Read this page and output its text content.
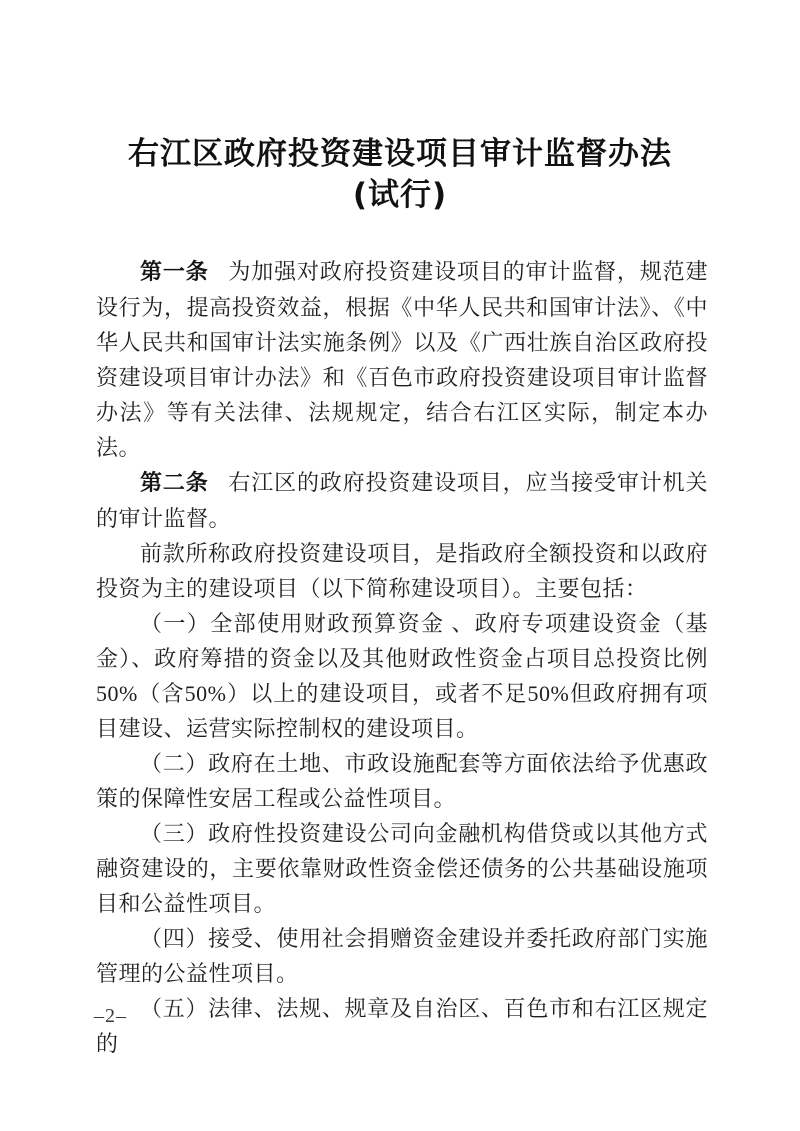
右江区政府投资建设项目审计监督办法
(试行)

第一条 为加强对政府投资建设项目的审计监督，规范建设行为，提高投资效益，根据《中华人民共和国审计法》、《中华人民共和国审计法实施条例》以及《广西壮族自治区政府投资建设项目审计办法》和《百色市政府投资建设项目审计监督办法》等有关法律、法规规定，结合右江区实际，制定本办法。

第二条 右江区的政府投资建设项目，应当接受审计机关的审计监督。

前款所称政府投资建设项目，是指政府全额投资和以政府投资为主的建设项目（以下简称建设项目）。主要包括：

（一）全部使用财政预算资金 、政府专项建设资金（基金）、政府筹措的资金以及其他财政性资金占项目总投资比例50%（含50%）以上的建设项目，或者不足50%但政府拥有项目建设、运营实际控制权的建设项目。

（二）政府在土地、市政设施配套等方面依法给予优惠政策的保障性安居工程或公益性项目。

（三）政府性投资建设公司向金融机构借贷或以其他方式融资建设的，主要依靠财政性资金偿还债务的公共基础设施项目和公益性项目。

（四）接受、使用社会捐赠资金建设并委托政府部门实施管理的公益性项目。

（五）法律、法规、规章及自治区、百色市和右江区规定的

–2–
